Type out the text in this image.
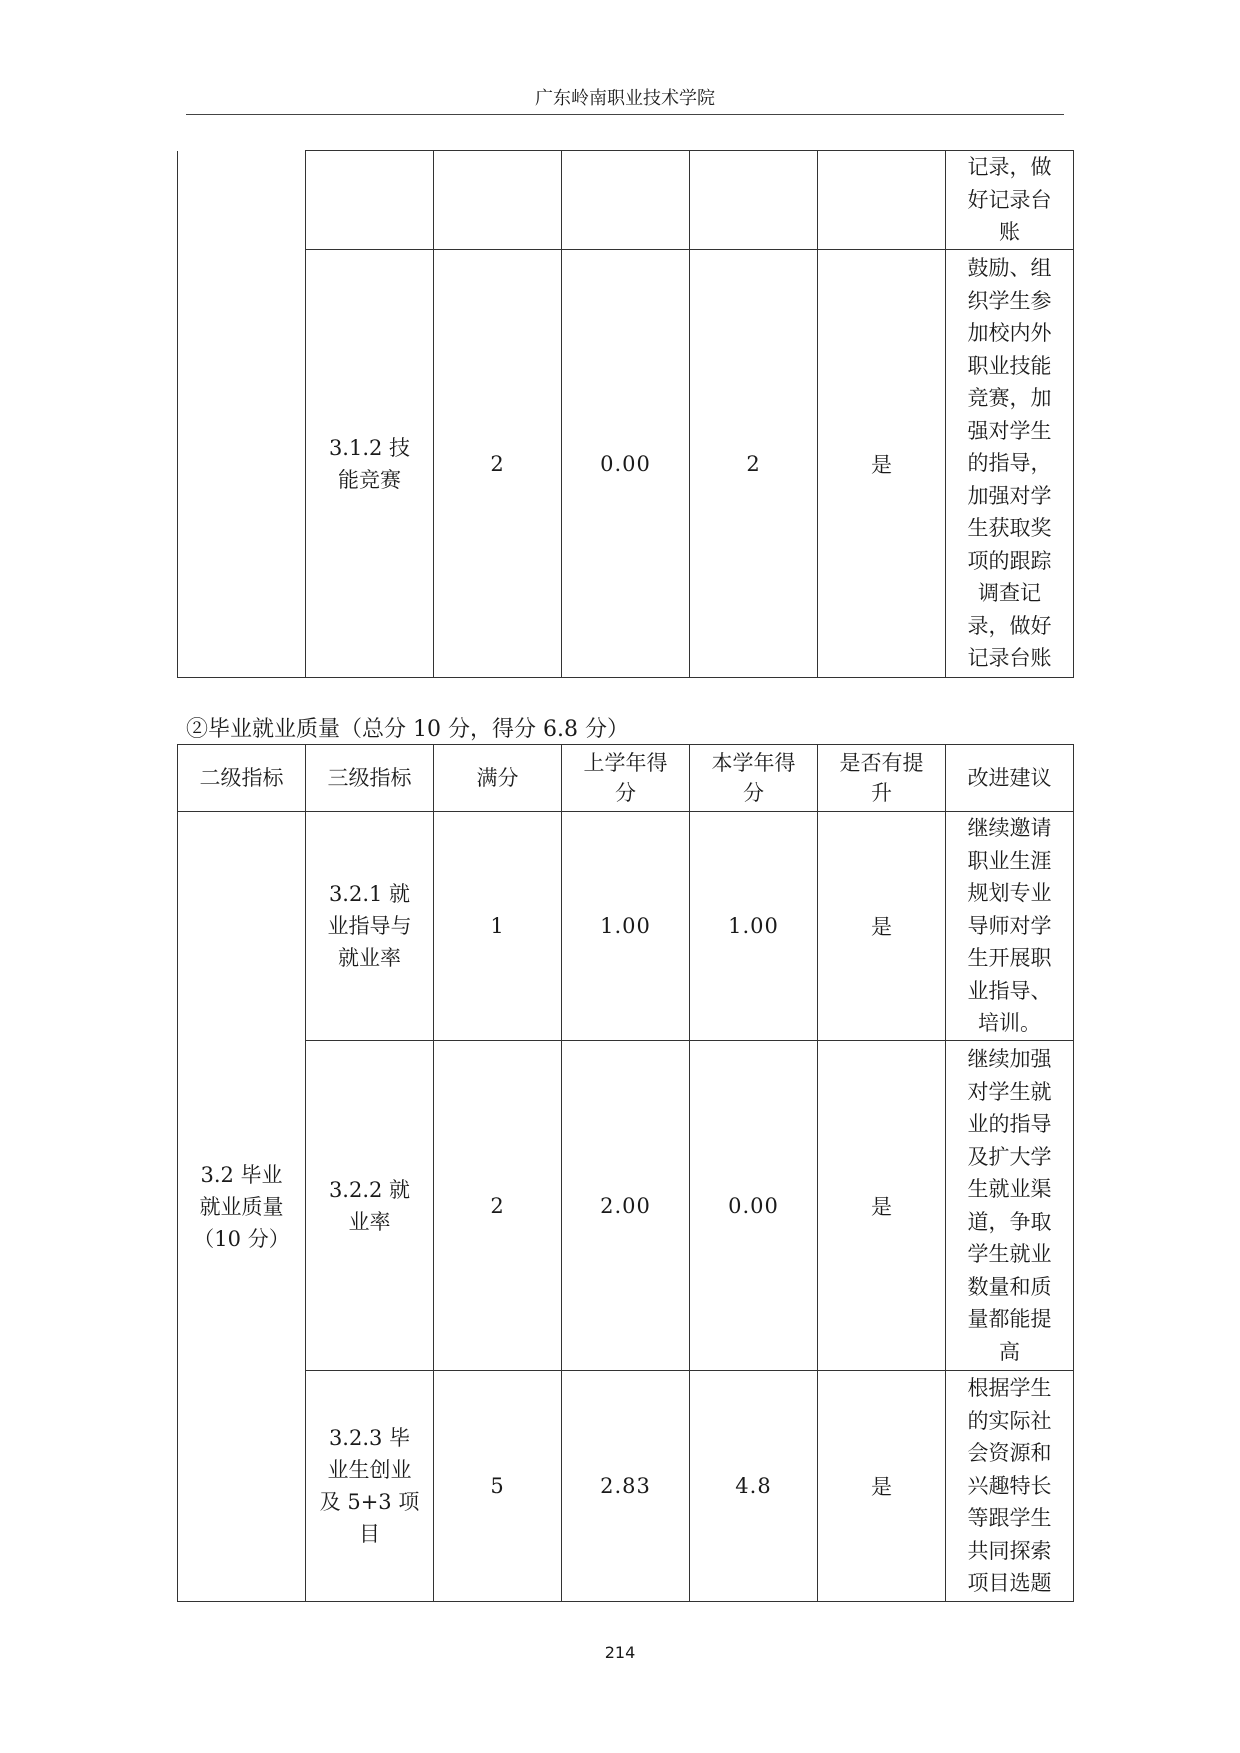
广东岭南职业技术学院

						记录，做好记录台账

	3.1.2 技能竞赛	2	0.00	2	是	鼓励、组织学生参加校内外职业技能竞赛，加强对学生的指导，加强对学生获取奖项的跟踪调查记录，做好记录台账
②毕业就业质量（总分 10 分，得分 6.8 分）
二级指标	三级指标	满分	上学年得分	本学年得分	是否有提升	改进建议

3.2 毕业就业质量（10 分）	3.2.1 就业指导与就业率	1	1.00	1.00	是	继续邀请职业生涯规划专业导师对学生开展职业指导、培训。

	3.2.2 就业率	2	2.00	0.00	是	继续加强对学生就业的指导及扩大学生就业渠道，争取学生就业数量和质量都能提高

	3.2.3 毕业生创业及 5+3 项目	5	2.83	4.8	是	根据学生的实际社会资源和兴趣特长等跟学生共同探索项目选题
214
